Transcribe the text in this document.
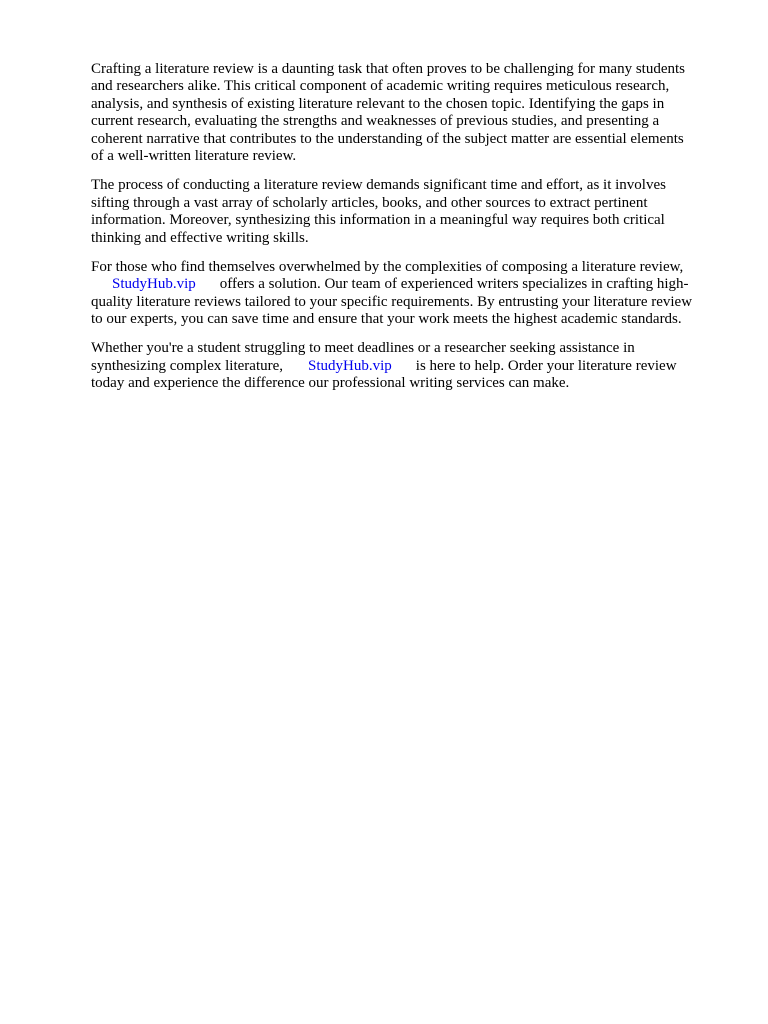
Crafting a literature review is a daunting task that often proves to be challenging for many students
and researchers alike. This critical component of academic writing requires meticulous research,
analysis, and synthesis of existing literature relevant to the chosen topic. Identifying the gaps in
current research, evaluating the strengths and weaknesses of previous studies, and presenting a
coherent narrative that contributes to the understanding of the subject matter are essential elements
of a well-written literature review.

The process of conducting a literature review demands significant time and effort, as it involves
sifting through a vast array of scholarly articles, books, and other sources to extract pertinent
information. Moreover, synthesizing this information in a meaningful way requires both critical
thinking and effective writing skills.

For those who find themselves overwhelmed by the complexities of composing a literature review,
StudyHub.vip offers a solution. Our team of experienced writers specializes in crafting high-
quality literature reviews tailored to your specific requirements. By entrusting your literature review
to our experts, you can save time and ensure that your work meets the highest academic standards.

Whether you're a student struggling to meet deadlines or a researcher seeking assistance in
synthesizing complex literature, StudyHub.vip is here to help. Order your literature review
today and experience the difference our professional writing services can make.
